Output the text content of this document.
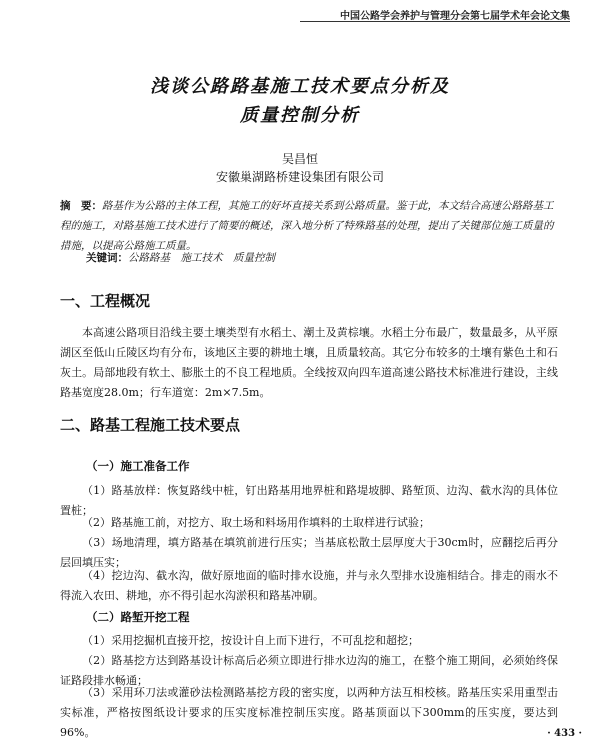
中国公路学会养护与管理分会第七届学术年会论文集
浅谈公路路基施工技术要点分析及
质量控制分析
吴昌恒
安徽巢湖路桥建设集团有限公司
摘　要：路基作为公路的主体工程，其施工的好坏直接关系到公路质量。鉴于此，本文结合高速公路路基工程的施工，对路基施工技术进行了简要的概述，深入地分析了特殊路基的处理，提出了关键部位施工质量的措施，以提高公路施工质量。
关键词：公路路基　施工技术　质量控制
一、工程概况
本高速公路项目沿线主要土壤类型有水稻土、潮土及黄棕壤。水稻土分布最广，数量最多，从平原湖区至低山丘陵区均有分布，该地区主要的耕地土壤，且质量较高。其它分布较多的土壤有紫色土和石灰土。局部地段有软土、膨胀土的不良工程地质。全线按双向四车道高速公路技术标准进行建设，主线路基宽度28.0m；行车道宽：2m×7.5m。
二、路基工程施工技术要点
（一）施工准备工作
（1）路基放样：恢复路线中桩，钉出路基用地界桩和路堤坡脚、路堑顶、边沟、截水沟的具体位置桩；
（2）路基施工前，对挖方、取土场和料场用作填料的土取样进行试验；
（3）场地清理，填方路基在填筑前进行压实；当基底松散土层厚度大于30cm时，应翻挖后再分层回填压实；
（4）挖边沟、截水沟，做好原地面的临时排水设施，并与永久型排水设施相结合。排走的雨水不得流入农田、耕地，亦不得引起水沟淤积和路基冲刷。
（二）路堑开挖工程
（1）采用挖掘机直接开挖，按设计自上而下进行，不可乱挖和超挖；
（2）路基挖方达到路基设计标高后必须立即进行排水边沟的施工，在整个施工期间，必须始终保证路段排水畅通；
（3）采用环刀法或灌砂法检测路基挖方段的密实度，以两种方法互相校核。路基压实采用重型击实标准，严格按图纸设计要求的压实度标准控制压实度。路基顶面以下300mm的压实度，要达到96%。	· 433 ·
